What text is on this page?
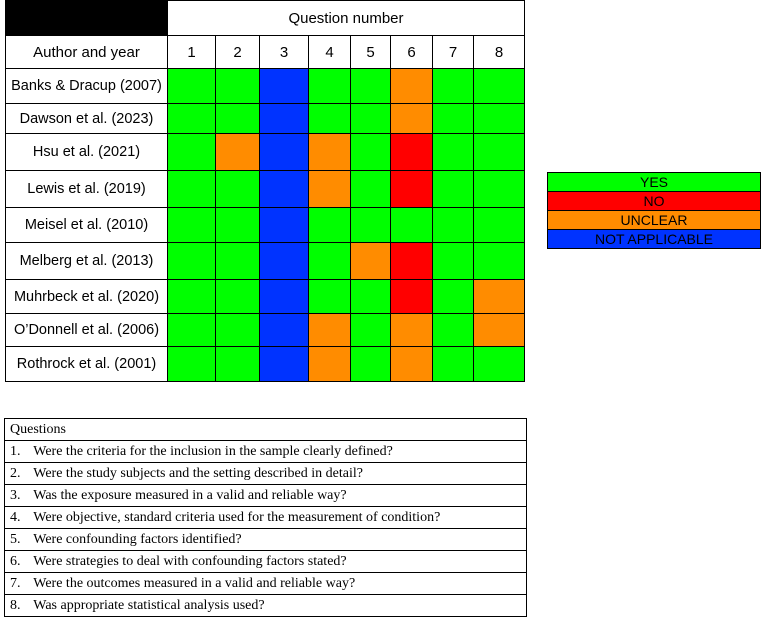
	Question number							
Author and year	1	2	3	4	5	6	7	8
Banks & Dracup (2007)								
Dawson et al. (2023)								
Hsu et al. (2021)								
Lewis et al. (2019)								
Meisel et al. (2010)								
Melberg et al. (2013)								
Muhrbeck et al. (2020)								
O’Donnell et al. (2006)								
Rothrock et al. (2001)								
YES
NO
UNCLEAR
NOT APPLICABLE
Questions
1. Were the criteria for the inclusion in the sample clearly defined?
2. Were the study subjects and the setting described in detail?
3. Was the exposure measured in a valid and reliable way?
4. Were objective, standard criteria used for the measurement of condition?
5. Were confounding factors identified?
6. Were strategies to deal with confounding factors stated?
7. Were the outcomes measured in a valid and reliable way?
8. Was appropriate statistical analysis used?
